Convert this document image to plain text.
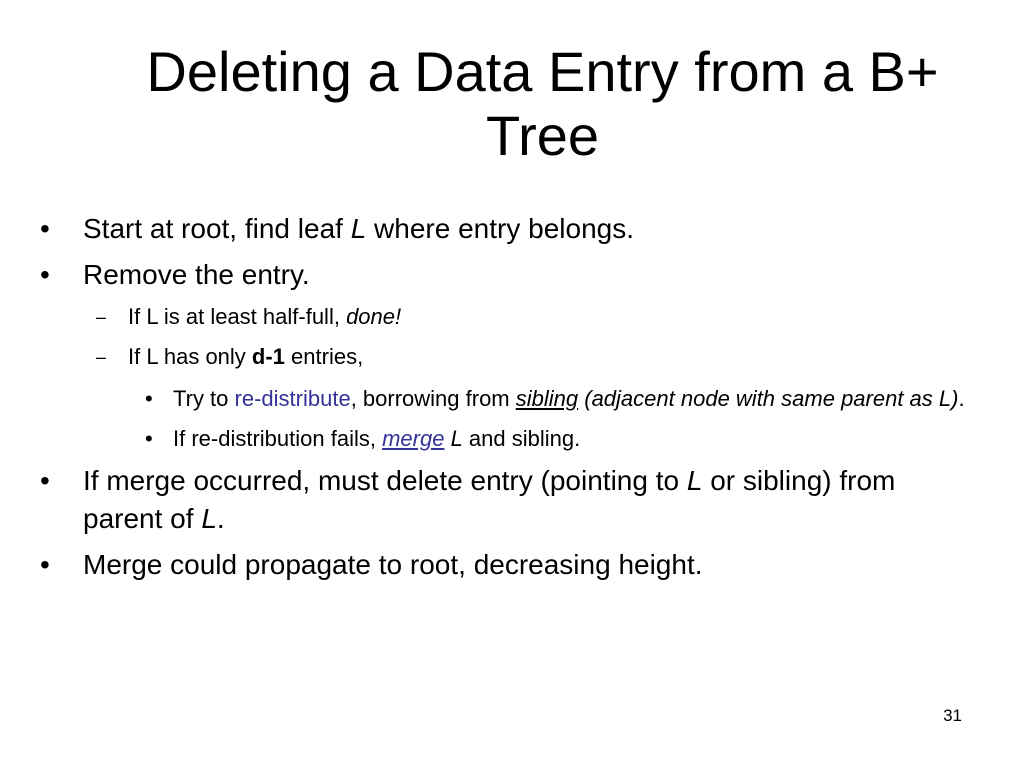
Deleting a Data Entry from a B+ Tree
• Start at root, find leaf L where entry belongs.
• Remove the entry.
– If L is at least half-full, done!
– If L has only d-1 entries,
• Try to re-distribute, borrowing from sibling (adjacent node with same parent as L).
• If re-distribution fails, merge L and sibling.
• If merge occurred, must delete entry (pointing to L or sibling) from parent of L.
• Merge could propagate to root, decreasing height.
31
